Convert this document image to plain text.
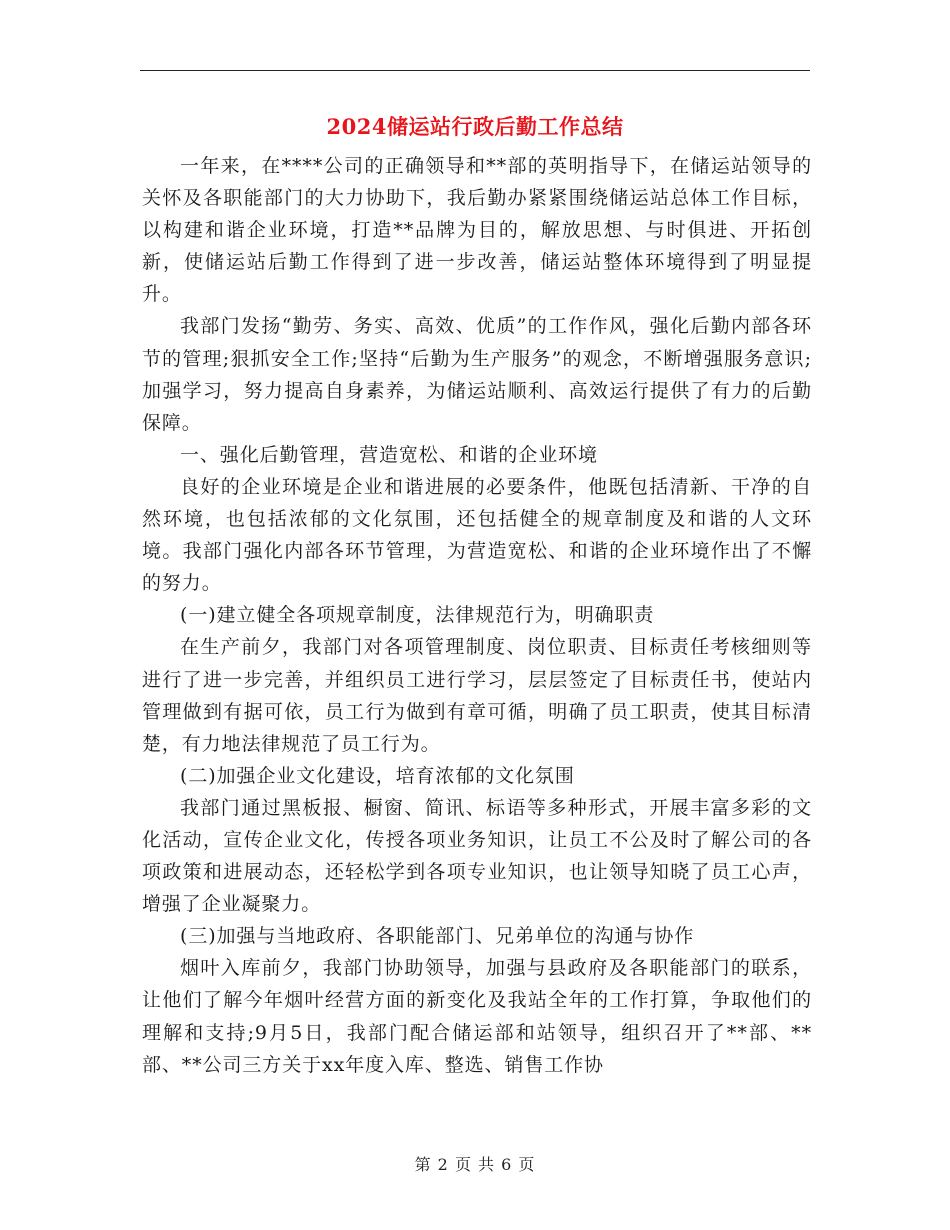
2024储运站行政后勤工作总结

一年来，在****公司的正确领导和**部的英明指导下，在储运站领导的关怀及各职能部门的大力协助下，我后勤办紧紧围绕储运站总体工作目标，以构建和谐企业环境，打造**品牌为目的，解放思想、与时俱进、开拓创新，使储运站后勤工作得到了进一步改善，储运站整体环境得到了明显提升。

我部门发扬“勤劳、务实、高效、优质”的工作作风，强化后勤内部各环节的管理;狠抓安全工作;坚持“后勤为生产服务”的观念，不断增强服务意识;加强学习，努力提高自身素养，为储运站顺利、高效运行提供了有力的后勤保障。

一、强化后勤管理，营造宽松、和谐的企业环境

良好的企业环境是企业和谐进展的必要条件，他既包括清新、干净的自然环境，也包括浓郁的文化氛围，还包括健全的规章制度及和谐的人文环境。我部门强化内部各环节管理，为营造宽松、和谐的企业环境作出了不懈的努力。

(一)建立健全各项规章制度，法律规范行为，明确职责

在生产前夕，我部门对各项管理制度、岗位职责、目标责任考核细则等进行了进一步完善，并组织员工进行学习，层层签定了目标责任书，使站内管理做到有据可依，员工行为做到有章可循，明确了员工职责，使其目标清楚，有力地法律规范了员工行为。

(二)加强企业文化建设，培育浓郁的文化氛围

我部门通过黑板报、橱窗、简讯、标语等多种形式，开展丰富多彩的文化活动，宣传企业文化，传授各项业务知识，让员工不公及时了解公司的各项政策和进展动态，还轻松学到各项专业知识，也让领导知晓了员工心声，增强了企业凝聚力。

(三)加强与当地政府、各职能部门、兄弟单位的沟通与协作

烟叶入库前夕，我部门协助领导，加强与县政府及各职能部门的联系，让他们了解今年烟叶经营方面的新变化及我站全年的工作打算，争取他们的理解和支持;9月5日，我部门配合储运部和站领导，组织召开了**部、**部、**公司三方关于xx年度入库、整选、销售工作协

第 2 页 共 6 页
